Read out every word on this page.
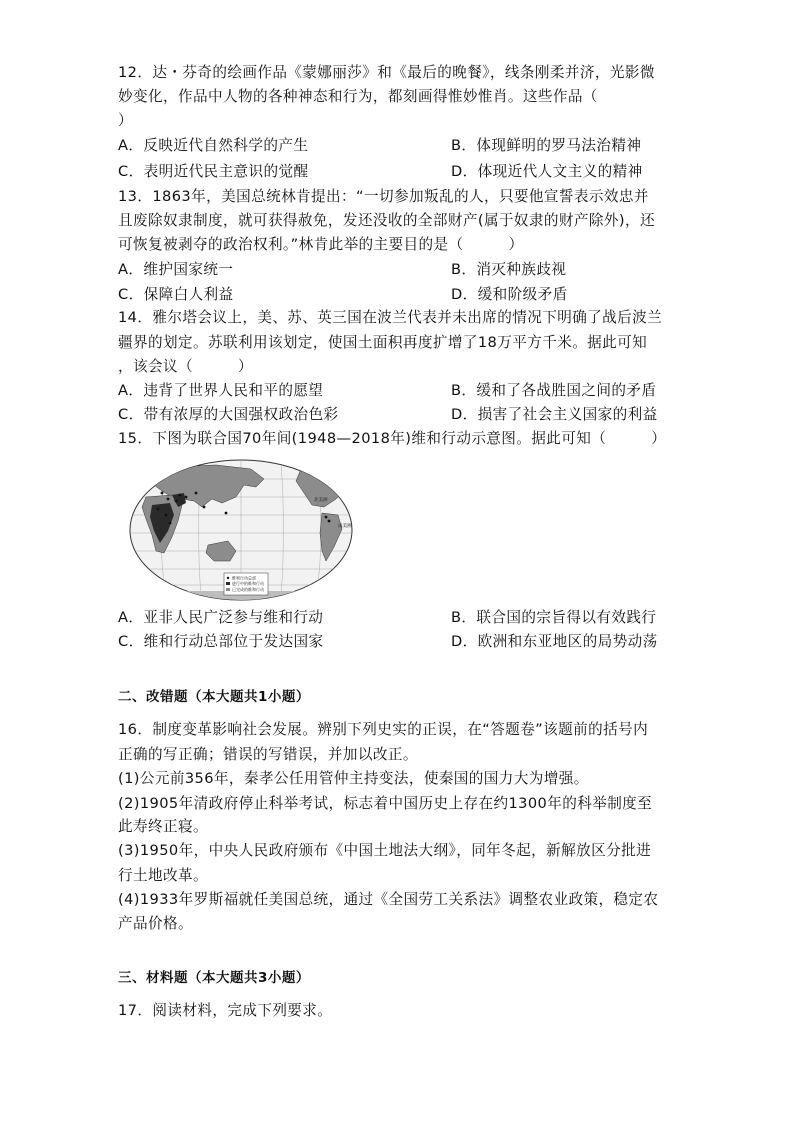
12．达・芬奇的绘画作品《蒙娜丽莎》和《最后的晚餐》，线条刚柔并济，光影微
妙变化，作品中人物的各种神态和行为，都刻画得惟妙惟肖。这些作品（
）
A．反映近代自然科学的产生	B．体现鲜明的罗马法治精神
C．表明近代民主意识的觉醒	D．体现近代人文主义的精神
13．1863年，美国总统林肯提出：“一切参加叛乱的人，只要他宣誓表示效忠并
且废除奴隶制度，就可获得赦免，发还没收的全部财产(属于奴隶的财产除外)，还
可恢复被剥夺的政治权利。”林肯此举的主要目的是（　　　）
A．维护国家统一	B．消灭种族歧视
C．保障白人利益	D．缓和阶级矛盾
14．雅尔塔会议上，美、苏、英三国在波兰代表并未出席的情况下明确了战后波兰
疆界的划定。苏联利用该划定，使国土面积再度扩增了18万平方千米。据此可知
，该会议（　　　）
A．违背了世界人民和平的愿望	B．缓和了各战胜国之间的矛盾
C．带有浓厚的大国强权政治色彩	D．损害了社会主义国家的利益
15．下图为联合国70年间(1948—2018年)维和行动示意图。据此可知（　　　）
北美洲
南美洲
维和行动总部
进行中的维和行动
已完成的维和行动
A．亚非人民广泛参与维和行动	B．联合国的宗旨得以有效践行
C．维和行动总部位于发达国家	D．欧洲和东亚地区的局势动荡
二、改错题（本大题共1小题）
16．制度变革影响社会发展。辨别下列史实的正误，在“答题卷”该题前的括号内
正确的写正确；错误的写错误，并加以改正。
(1)公元前356年，秦孝公任用管仲主持变法，使秦国的国力大为增强。
(2)1905年清政府停止科举考试，标志着中国历史上存在约1300年的科举制度至
此寿终正寝。
(3)1950年，中央人民政府颁布《中国土地法大纲》，同年冬起，新解放区分批进
行土地改革。
(4)1933年罗斯福就任美国总统，通过《全国劳工关系法》调整农业政策，稳定农
产品价格。
三、材料题（本大题共3小题）
17．阅读材料，完成下列要求。
